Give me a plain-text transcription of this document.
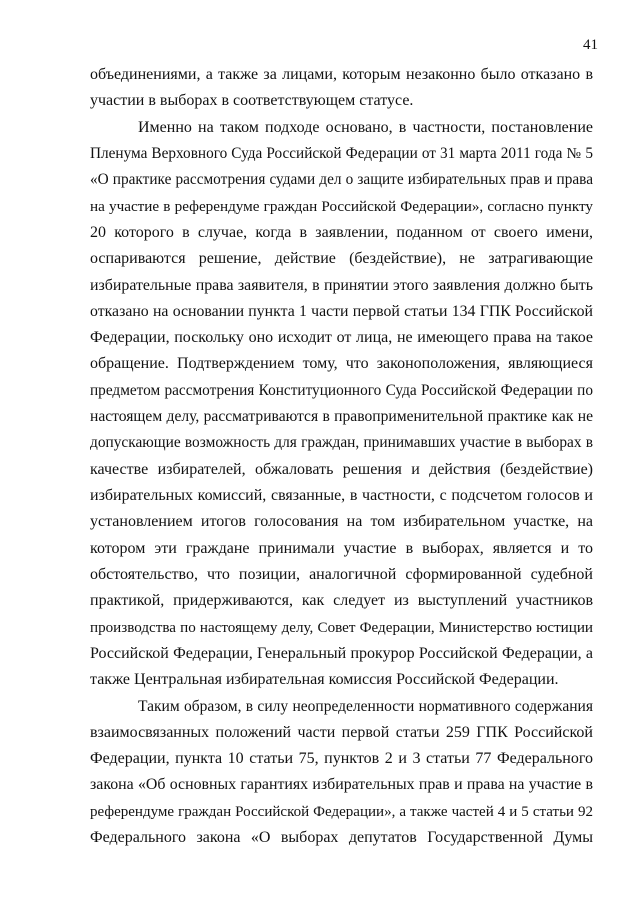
41
объединениями, а также за лицами, которым незаконно было отказано в
участии в выборах в соответствующем статусе.
Именно на таком подходе основано, в частности, постановление
Пленума Верховного Суда Российской Федерации от 31 марта 2011 года № 5
«О практике рассмотрения судами дел о защите избирательных прав и права
на участие в референдуме граждан Российской Федерации», согласно пункту
20 которого в случае, когда в заявлении, поданном от своего имени,
оспариваются решение, действие (бездействие), не затрагивающие
избирательные права заявителя, в принятии этого заявления должно быть
отказано на основании пункта 1 части первой статьи 134 ГПК Российской
Федерации, поскольку оно исходит от лица, не имеющего права на такое
обращение. Подтверждением тому, что законоположения, являющиеся
предметом рассмотрения Конституционного Суда Российской Федерации по
настоящем делу, рассматриваются в правоприменительной практике как не
допускающие возможность для граждан, принимавших участие в выборах в
качестве избирателей, обжаловать решения и действия (бездействие)
избирательных комиссий, связанные, в частности, с подсчетом голосов и
установлением итогов голосования на том избирательном участке, на
котором эти граждане принимали участие в выборах, является и то
обстоятельство, что позиции, аналогичной сформированной судебной
практикой, придерживаются, как следует из выступлений участников
производства по настоящему делу, Совет Федерации, Министерство юстиции
Российской Федерации, Генеральный прокурор Российской Федерации, а
также Центральная избирательная комиссия Российской Федерации.
Таким образом, в силу неопределенности нормативного содержания
взаимосвязанных положений части первой статьи 259 ГПК Российской
Федерации, пункта 10 статьи 75, пунктов 2 и 3 статьи 77 Федерального
закона «Об основных гарантиях избирательных прав и права на участие в
референдуме граждан Российской Федерации», а также частей 4 и 5 статьи 92
Федерального закона «О выборах депутатов Государственной Думы
